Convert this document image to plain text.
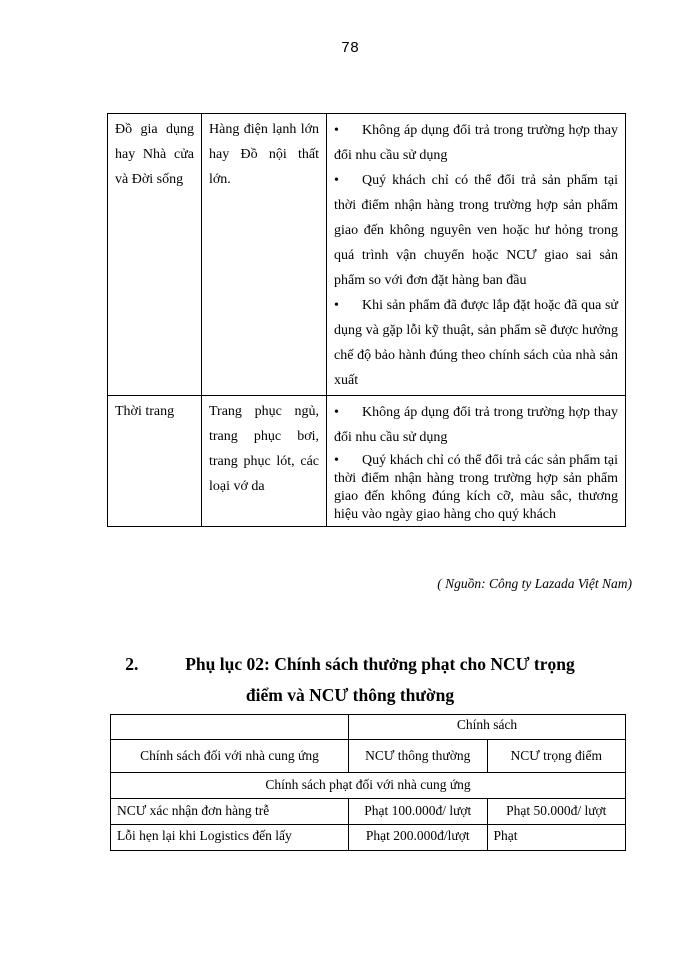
78
Đồ gia dụng hay Nhà cửa và Đời sống	Hàng điện lạnh lớn hay Đồ nội thất lớn.	• Không áp dụng đổi trả trong trường hợp thay đổi nhu cầu sử dụng
• Quý khách chỉ có thể đổi trả sản phẩm tại thời điểm nhận hàng trong trường hợp sản phẩm giao đến không nguyên ven hoặc hư hỏng trong quá trình vận chuyển hoặc NCƯ giao sai sản phẩm so với đơn đặt hàng ban đầu
• Khi sản phẩm đã được lắp đặt hoặc đã qua sử dụng và gặp lỗi kỹ thuật, sản phẩm sẽ được hưởng chế độ bảo hành đúng theo chính sách của nhà sản xuất

Thời trang	Trang phục ngủ, trang phục bơi, trang phục lót, các loại vớ da	• Không áp dụng đổi trả trong trường hợp thay đổi nhu cầu sử dụng
• Quý khách chỉ có thể đổi trả các sản phẩm tại thời điểm nhận hàng trong trường hợp sản phẩm giao đến không đúng kích cỡ, màu sắc, thương hiệu vào ngày giao hàng cho quý khách
( Nguồn: Công ty Lazada Việt Nam)
2.	Phụ lục 02: Chính sách thưởng phạt cho NCƯ trọng
điểm và NCƯ thông thường
	Chính sách	
Chính sách đối với nhà cung ứng	NCƯ thông thường	NCƯ trọng điểm
Chính sách phạt đối với nhà cung ứng		
NCƯ xác nhận đơn hàng trễ	Phạt 100.000đ/ lượt	Phạt 50.000đ/ lượt
Lỗi hẹn lại khi Logistics đến lấy	Phạt 200.000đ/lượt	Phạt
